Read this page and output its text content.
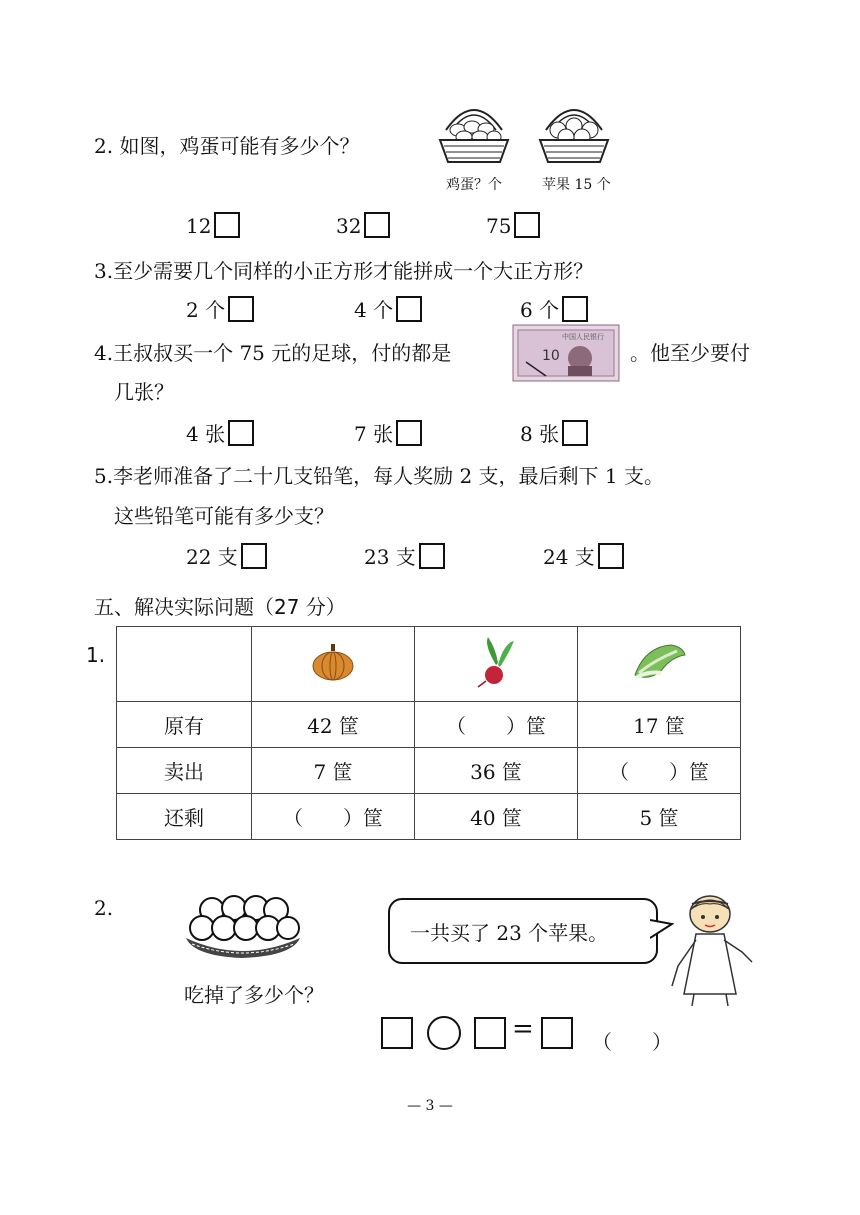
2. 如图，鸡蛋可能有多少个？
鸡蛋？个	苹果 15 个
12	32	75
3.至少需要几个同样的小正方形才能拼成一个大正方形？
2 个	4 个	6 个
4.王叔叔买一个 75 元的足球，付的都是
中国人民银行
10	。他至少要付
几张？
4 张	7 张	8 张
5.李老师准备了二十几支铅笔，每人奖励 2 支，最后剩下 1 支。
这些铅笔可能有多少支？
22 支	23 支	24 支
五、解决实际问题（27 分）
1.

原有	42 筐	（　　）筐	17 筐
卖出	7 筐	36 筐	（　　）筐
还剩	（　　）筐	40 筐	5 筐
2.
吃掉了多少个？
一共买了 23 个苹果。
=	（　　）
— 3 —
